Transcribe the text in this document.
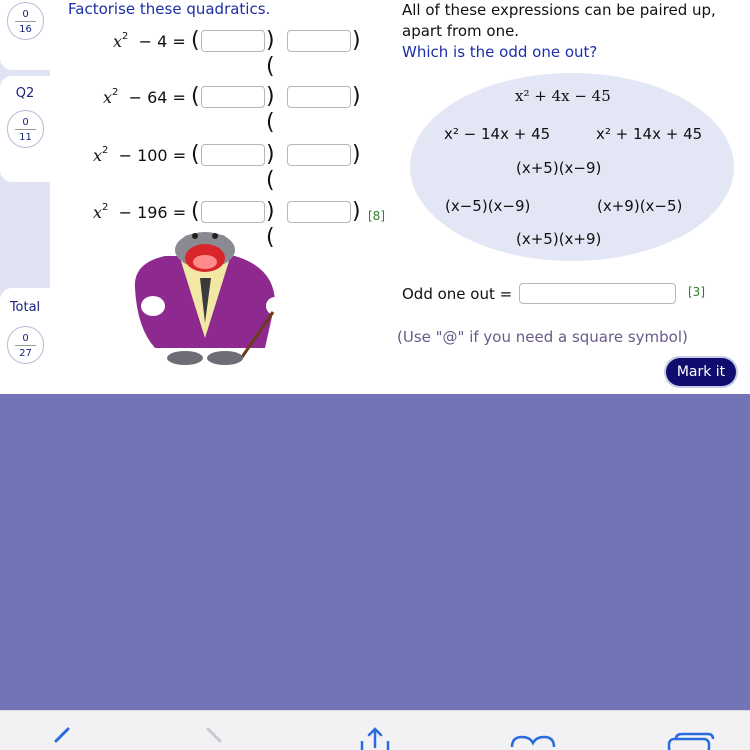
0
16
Q2
0
11
Total
0
27
Factorise these quadratics.
$x^2 - 4$ = (	)(
)
$x^2 - 64$ = (	)(
)
$x^2 - 100$ = (	)(
)
$x^2 - 196$ = (	)(
) [8]
All of these expressions can be paired up, apart from one.
Which is the odd one out?
x² + 4x − 45
x² − 14x + 45	x² + 14x + 45
(x+5)(x−9)
(x−5)(x−9)	(x+9)(x−5)
(x+5)(x+9)
Odd one out =	[3]
(Use "@" if you need a square symbol)
Mark it
